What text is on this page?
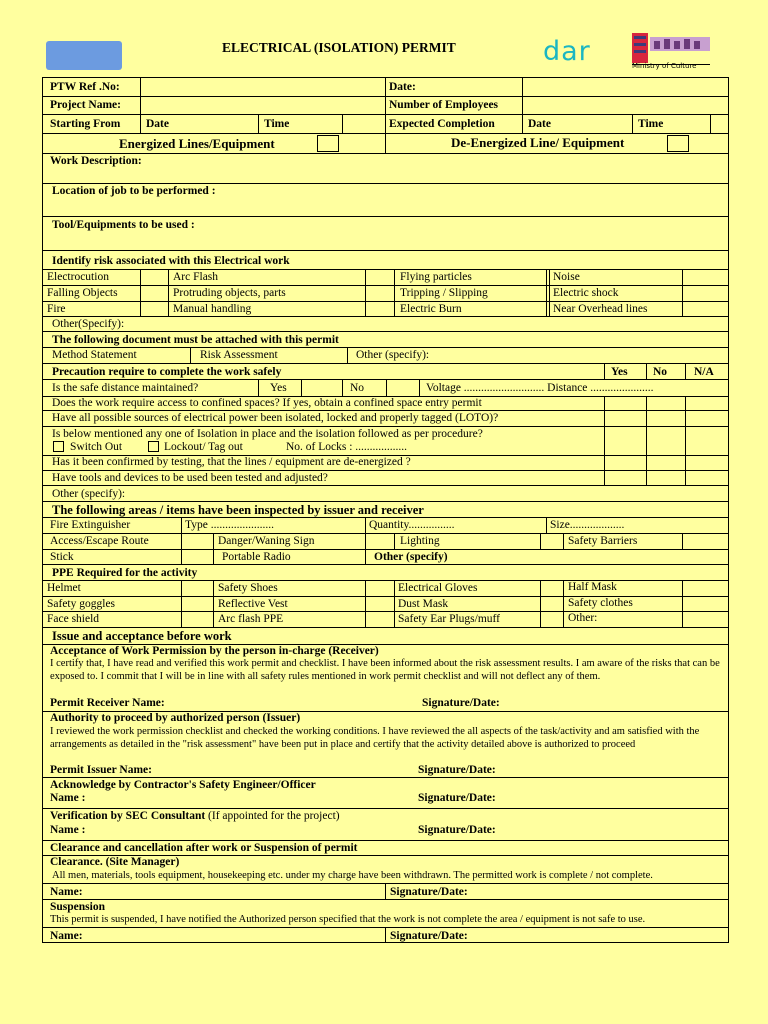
ELECTRICAL (ISOLATION) PERMIT	dar	Ministry of Culture
PTW Ref .No:	Date:
Project Name:	Number of Employees
Starting From Date	Time	Expected Completion	Date	Time
Energized Lines/Equipment	De-Energized Line/ Equipment
Work Description:
Location of job to be performed :
Tool/Equipments to be used :
Identify risk associated with this Electrical work
Electrocution	Arc Flash	Flying particles	Noise
Falling Objects	Protruding objects, parts	Tripping / Slipping	Electric shock
Fire	Manual handling	Electric Burn	Near Overhead lines
Other(Specify):
The following document must be attached with this permit
Method Statement	Risk Assessment	Other (specify):
Precaution require to complete the work safely	Yes No N/A
Is the safe distance maintained?	Yes	No	Voltage ............................ Distance ......................
Does the work require access to confined spaces? If yes, obtain a confined space entry permit
Have all possible sources of electrical power been isolated, locked and properly tagged (LOTO)?
Is below mentioned any one of Isolation in place and the isolation followed as per procedure?
Switch Out	Lockout/ Tag out	No. of Locks : ..................
Has it been confirmed by testing, that the lines / equipment are de-energized ?
Have tools and devices to be used been tested and adjusted?
Other (specify):
The following areas / items have been inspected by issuer and receiver
Fire Extinguisher	Type ......................	Quantity................	Size...................
Access/Escape Route	Danger/Waning Sign	Lighting	Safety Barriers
Stick	Portable Radio	Other (specify)
PPE Required for the activity
Helmet	Safety Shoes	Electrical Gloves	Half Mask
Safety goggles	Reflective Vest	Dust Mask	Safety clothes
Face shield	Arc flash PPE	Safety Ear Plugs/muff	Other:
Issue and acceptance before work
Acceptance of Work Permission by the person in-charge (Receiver)
I certify that, I have read and verified this work permit and checklist. I have been informed about the risk assessment results. I am aware of the risks that can be exposed to. I commit that I will be in line with all safety rules mentioned in work permit checklist and will not deflect any of them.
Permit Receiver Name:	Signature/Date:
Authority to proceed by authorized person (Issuer)
I reviewed the work permission checklist and checked the working conditions. I have reviewed the all aspects of the task/activity and am satisfied with the arrangements as detailed in the "risk assessment" have been put in place and certify that the activity detailed above is authorized to proceed
Permit Issuer Name:	Signature/Date:
Acknowledge by Contractor's Safety Engineer/Officer
Name :	Signature/Date:
Verification by SEC Consultant (If appointed for the project)
Name :	Signature/Date:
Clearance and cancellation after work or Suspension of permit
Clearance. (Site Manager)
All men, materials, tools equipment, housekeeping etc. under my charge have been withdrawn. The permitted work is complete / not complete.
Name:	Signature/Date:
Suspension
This permit is suspended, I have notified the Authorized person specified that the work is not complete the area / equipment is not safe to use.
Name:	Signature/Date:
